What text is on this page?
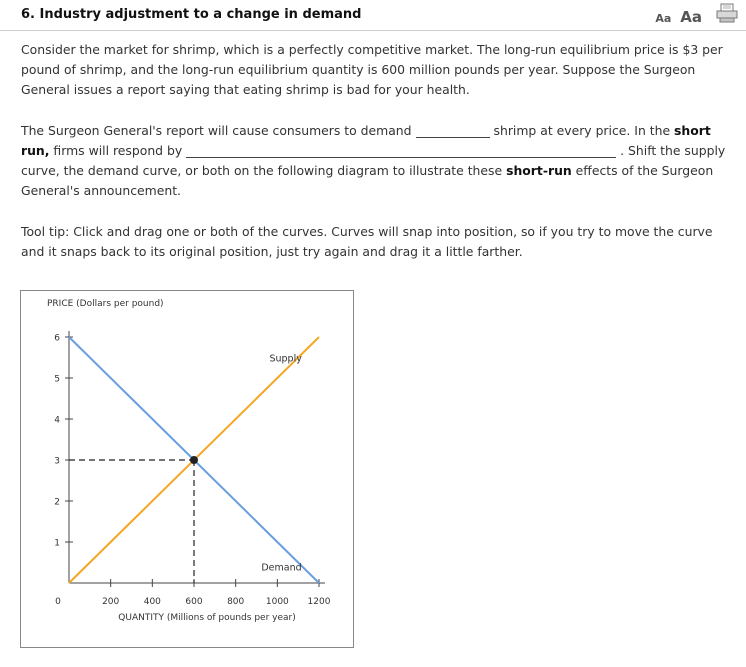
6. Industry adjustment to a change in demand	Aa Aa

Consider the market for shrimp, which is a perfectly competitive market. The long-run equilibrium price is $3 per pound of shrimp, and the long-run equilibrium quantity is 600 million pounds per year. Suppose the Surgeon General issues a report saying that eating shrimp is bad for your health.

The Surgeon General's report will cause consumers to demand	shrimp at every price. In the short run, firms will respond by	. Shift the supply curve, the demand curve, or both on the following diagram to illustrate these short-run effects of the Surgeon General's announcement.

Tool tip: Click and drag one or both of the curves. Curves will snap into position, so if you try to move the curve and it snaps back to its original position, just try again and drag it a little farther.

1
2
3
4
5
6
0	200	400	600	800 1000 1200
PRICE (Dollars per pound)
QUANTITY (Millions of pounds per year)
Supply
Demand
